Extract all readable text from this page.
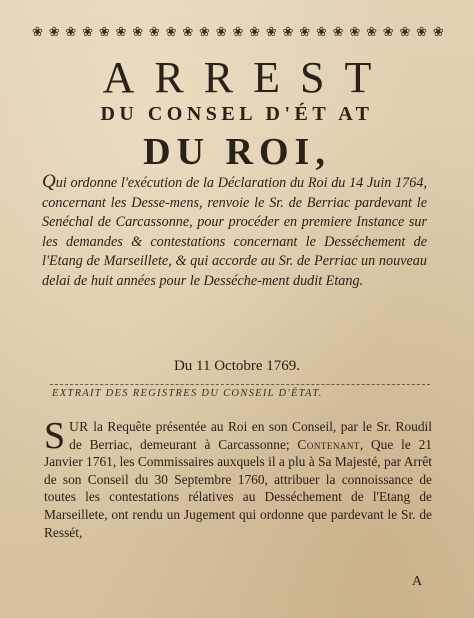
❀ ❀ ❀ ❀ ❀ ❀ ❀ ❀ ❀ ❀ ❀ ❀ ❀ ❀ ❀ ❀ ❀ ❀ ❀ ❀ ❀ ❀ ❀ ❀ ❀
ARREST
DU CONSEL D'ÉT AT
DU ROI,

Qui ordonne l'exécution de la Déclaration du Roi du 14 Juin 1764, concernant les Desse-mens, renvoie le Sr. de Berriac pardevant le Senéchal de Carcassonne, pour procéder en premiere Instance sur les demandes & contestations concernant le Desséchement de l'Etang de Marseillete, & qui accorde au Sr. de Perriac un nouveau delai de huit années pour le Desséche-ment dudit Etang.

Du 11 Octobre 1769.

EXTRAIT DES REGISTRES DU CONSEIL D'ÉTAT.

SUR la Requête présentée au Roi en son Conseil, par le Sr. Roudil de Berriac, demeurant à Carcassonne; Contenant, Que le 21 Janvier 1761, les Commissaires auxquels il a plu à Sa Majesté, par Arrêt de son Conseil du 30 Septembre 1760, attribuer la connoissance de toutes les contestations rélatives au Desséchement de l'Etang de Marseillete, ont rendu un Jugement qui ordonne que pardevant le Sr. de Ressét,

A
